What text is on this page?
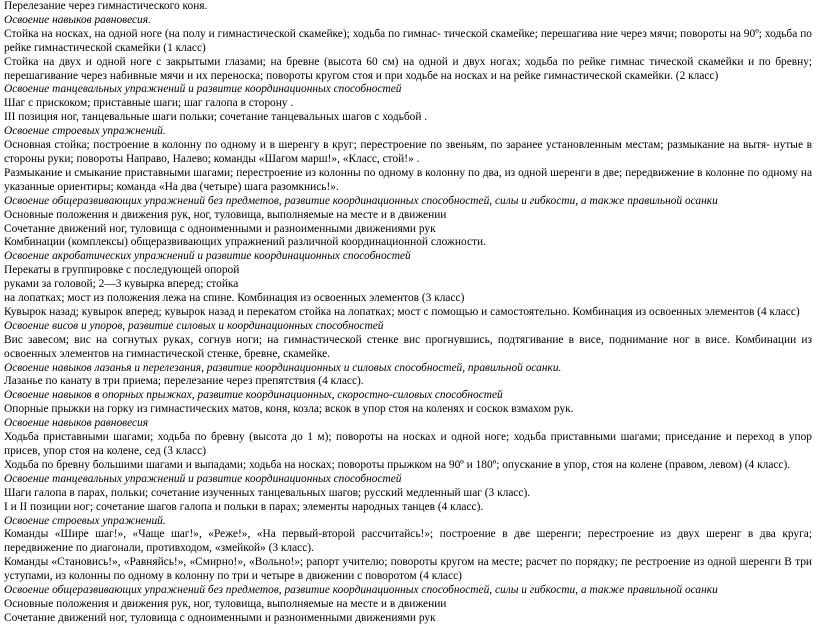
Перелезание через гимнастического коня.

Освоение навыков равновесия.

Стойка на носках, на одной ноге (на полу и гимнастической скамейке); ходьба по гимнас- тической скамейке; перешагива ние через мячи; повороты на 90º; ходьба по рейке гимнастической скамейки (1 класс)

Стойка на двух и одной ноге с закрытыми глазами; на бревне (высота 60 см) на одной и двух ногах; ходьба по рейке гимнас тической скамейки и по бревну; перешагивание через набивные мячи и их переноска; повороты кругом стоя и при ходьбе на носках и на рейке гимнастической скамейки. (2 класс)

Освоение танцевальных упражнений и развитие координационных способностей

Шаг с прискоком; приставные шаги; шаг галопа в сторону .

III позиция ног, танцевальные шаги польки; сочетание танцевальных шагов с ходьбой .

Освоение строевых упражнений.

Основная стойка; построение в колонну по одному и в шеренгу в круг; перестроение по звеньям, по заранее установленным местам; размыкание на вытя- нутые в стороны руки; повороты Направо, Налево; команды «Шагом марш!», «Класс, стой!» .

Размыкание и смыкание приставными шагами; перестроение из колонны по одному в колонну по два, из одной шеренги в две; передвижение в колонне по одному на указанные ориентиры; команда «На два (четыре) шага разомкнись!».

Освоение общеразвивающих упражнений без предметов, развитие координационных способностей, силы и гибкости, а также правильной осанки

Основные положения и движения рук, ног, туловища, выполняемые на месте и в движении

Сочетание движений ног, туловища с одноименными и разноименными движениями рук

Комбинации (комплексы) общеразвивающих упражнений различной координационной сложности.

Освоение акробатических упражнений и развитие координационных способностей

Перекаты в группировке с последующей опорой

руками за головой; 2—3 кувырка вперед; стойка

на лопатках; мост из положения лежа на спине. Комбинация из освоенных элементов (3 класс)

Кувырок назад; кувырок вперед; кувырок назад и перекатом стойка на лопатках; мост с помощью и самостоятельно. Комбинация из освоенных элементов (4 класс)

Освоение висов и упоров, развитие силовых и координационных способностей

Вис завесом; вис на согнутых руках, согнув ноги; на гимнастической стенке вис прогнувшись, подтягивание в висе, поднимание ног в висе. Комбинации из освоенных элементов на гимнастической стенке, бревне, скамейке.

Освоение навыков лазанья и перелезания, развитие координационных и силовых способностей, правильной осанки.

Лазанье по канату в три приема; перелезание через препятствия (4 класс).

Освоение навыков в опорных прыжках, развитие координационных, скоростно-силовых способностей

Опорные прыжки на горку из гимнастических матов, коня, козла; вскок в упор стоя на коленях и соскок взмахом рук.

Освоение навыков равновесия

Ходьба приставными шагами; ходьба по бревну (высота до 1 м); повороты на носках и одной ноге; ходьба приставными шагами; приседание и переход в упор присев, упор стоя на колене, сед (3 класс)

Ходьба по бревну большими шагами и выпадами; ходьба на носках; повороты прыжком на 90º и 180º; опускание в упор, стоя на колене (правом, левом) (4 класс).

Освоение танцевальных упражнений и развитие координационных способностей

Шаги галопа в парах, польки; сочетание изученных танцевальных шагов; русский медленный шаг (3 класс).

I и II позиции ног; сочетание шагов галопа и польки в парах; элементы народных танцев (4 класс).

Освоение строевых упражнений.

Команды «Шире шаг!», «Чаще шаг!», «Реже!», «На первый-второй рассчитайсь!»; построение в две шеренги; перестроение из двух шеренг в два круга; передвижение по диагонали, противходом, «змейкой» (3 класс).

Команды «Становись!», «Равняйсь!», «Смирно!», «Вольно!»; рапорт учителю; повороты кругом на месте; расчет по порядку; пе рестроение из одной шеренги В три уступами, из колонны по одному в колонну по три и четыре в движении с поворотом (4 класс)

Освоение общеразвивающих упражнений без предметов, развитие координационных способностей, силы и гибкости, а также правильной осанки

Основные положения и движения рук, ног, туловища, выполняемые на месте и в движении

Сочетание движений ног, туловища с одноименными и разноименными движениями рук
